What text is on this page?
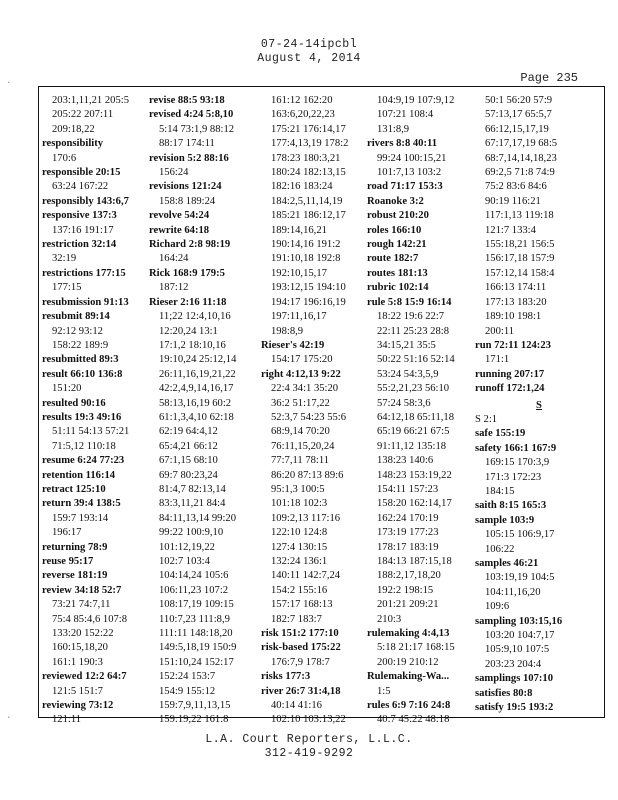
07-24-14ipcbl
August 4, 2014
Page 235
·
·
203:1,11,21 205:5
205:22 207:11
209:18,22
responsibility
170:6
responsible 20:15
63:24 167:22
responsibly 143:6,7
responsive 137:3
137:16 191:17
restriction 32:14
32:19
restrictions 177:15
177:15
resubmission 91:13
resubmit 89:14
92:12 93:12
158:22 189:9
resubmitted 89:3
result 66:10 136:8
151:20
resulted 90:16
results 19:3 49:16
51:11 54:13 57:21
71:5,12 110:18
resume 6:24 77:23
retention 116:14
retract 125:10
return 39:4 138:5
159:7 193:14
196:17
returning 78:9
reuse 95:17
reverse 181:19
review 34:18 52:7
73:21 74:7,11
75:4 85:4,6 107:8
133:20 152:22
160:15,18,20
161:1 190:3
reviewed 12:2 64:7
121:5 151:7
reviewing 73:12
121:11
revise 88:5 93:18
revised 4:24 5:8,10
5:14 73:1,9 88:12
88:17 174:11
revision 5:2 88:16
156:24
revisions 121:24
158:8 189:24
revolve 54:24
rewrite 64:18
Richard 2:8 98:19
164:24
Rick 168:9 179:5
187:12
Rieser 2:16 11:18
11;22 12:4,10,16
12:20,24 13:1
17:1,2 18:10,16
19:10,24 25:12,14
26:11,16,19,21,22
42:2,4,9,14,16,17
58:13,16,19 60:2
61:1,3,4,10 62:18
62:19 64:4,12
65:4,21 66:12
67:1,15 68:10
69:7 80:23,24
81:4,7 82:13,14
83:3,11,21 84:4
84:11,13,14 99:20
99:22 100:9,10
101:12,19,22
102:7 103:4
104:14,24 105:6
106:11,23 107:2
108:17,19 109:15
110:7,23 111:8,9
111:11 148:18,20
149:5,18,19 150:9
151:10,24 152:17
152:24 153:7
154:9 155:12
159:7,9,11,13,15
159:19,22 161:8
161:12 162:20
163:6,20,22,23
175:21 176:14,17
177:4,13,19 178:2
178:23 180:3,21
180:24 182:13,15
182:16 183:24
184:2,5,11,14,19
185:21 186:12,17
189:14,16,21
190:14,16 191:2
191:10,18 192:8
192:10,15,17
193:12,15 194:10
194:17 196:16,19
197:11,16,17
198:8,9
Rieser's 42:19
154:17 175:20
right 4:12,13 9:22
22:4 34:1 35:20
36:2 51:17,22
52:3,7 54:23 55:6
68:9,14 70:20
76:11,15,20,24
77:7,11 78:11
86:20 87:13 89:6
95:1,3 100:5
101:18 102:3
109:2,13 117:16
122:10 124:8
127:4 130:15
132:24 136:1
140:11 142:7,24
154:2 155:16
157:17 168:13
182:7 183:7
risk 151:2 177:10
risk-based 175:22
176:7,9 178:7
risks 177:3
river 26:7 31:4,18
40:14 41:16
102:10 103:13,22
104:9,19 107:9,12
107:21 108:4
131:8,9
rivers 8:8 40:11
99:24 100:15,21
101:7,13 103:2
road 71:17 153:3
Roanoke 3:2
robust 210:20
roles 166:10
rough 142:21
route 182:7
routes 181:13
rubric 102:14
rule 5:8 15:9 16:14
18:22 19:6 22:7
22:11 25:23 28:8
34:15,21 35:5
50:22 51:16 52:14
53:24 54:3,5,9
55:2,21,23 56:10
57:24 58:3,6
64:12,18 65:11,18
65:19 66:21 67:5
91:11,12 135:18
138:23 140:6
148:23 153:19,22
154:11 157:23
158:20 162:14,17
162:24 170:19
173:19 177:23
178:17 183:19
184:13 187:15,18
188:2,17,18,20
192:2 198:15
201:21 209:21
210:3
rulemaking 4:4,13
5:18 21:17 168:15
200:19 210:12
Rulemaking-Wa...
1:5
rules 6:9 7:16 24:8
40:7 45:22 48:18
50:1 56:20 57:9
57:13,17 65:5,7
66:12,15,17,19
67:17,17,19 68:5
68:7,14,14,18,23
69:2,5 71:8 74:9
75:2 83:6 84:6
90:19 116:21
117:1,13 119:18
121:7 133:4
155:18,21 156:5
156:17,18 157:9
157:12,14 158:4
166:13 174:11
177:13 183:20
189:10 198:1
200:11
run 72:11 124:23
171:1
running 207:17
runoff 172:1,24
S
S 2:1
safe 155:19
safety 166:1 167:9
169:15 170:3,9
171:3 172:23
184:15
saith 8:15 165:3
sample 103:9
105:15 106:9,17
106:22
samples 46:21
103:19,19 104:5
104:11,16,20
109:6
sampling 103:15,16
103:20 104:7,17
105:9,10 107:5
203:23 204:4
samplings 107:10
satisfies 80:8
satisfy 19:5 193:2
L.A. Court Reporters, L.L.C.
312-419-9292
